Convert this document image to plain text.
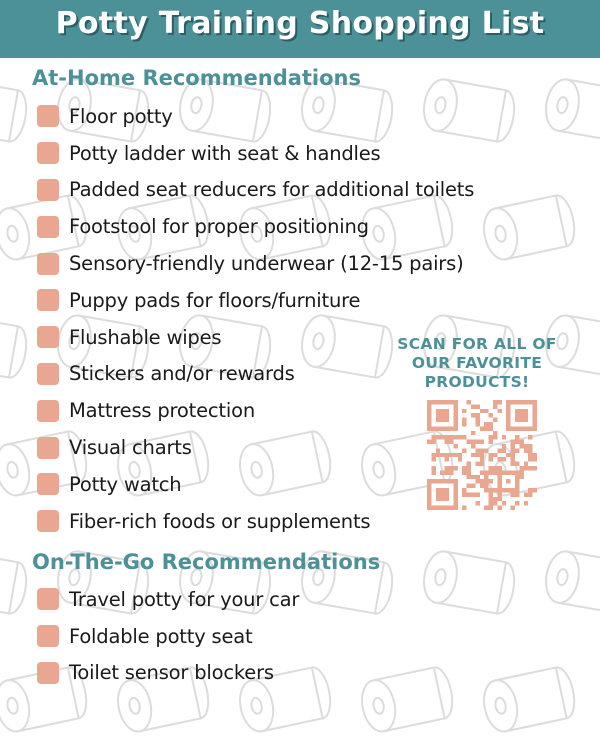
Potty Training Shopping List
At-Home Recommendations
Floor potty
Potty ladder with seat & handles
Padded seat reducers for additional toilets
Footstool for proper positioning
Sensory-friendly underwear (12-15 pairs)
Puppy pads for floors/furniture
Flushable wipes
Stickers and/or rewards
Mattress protection
Visual charts
Potty watch
Fiber-rich foods or supplements
On-The-Go Recommendations
Travel potty for your car
Foldable potty seat
Toilet sensor blockers
SCAN FOR ALL OF
OUR FAVORITE
PRODUCTS!
